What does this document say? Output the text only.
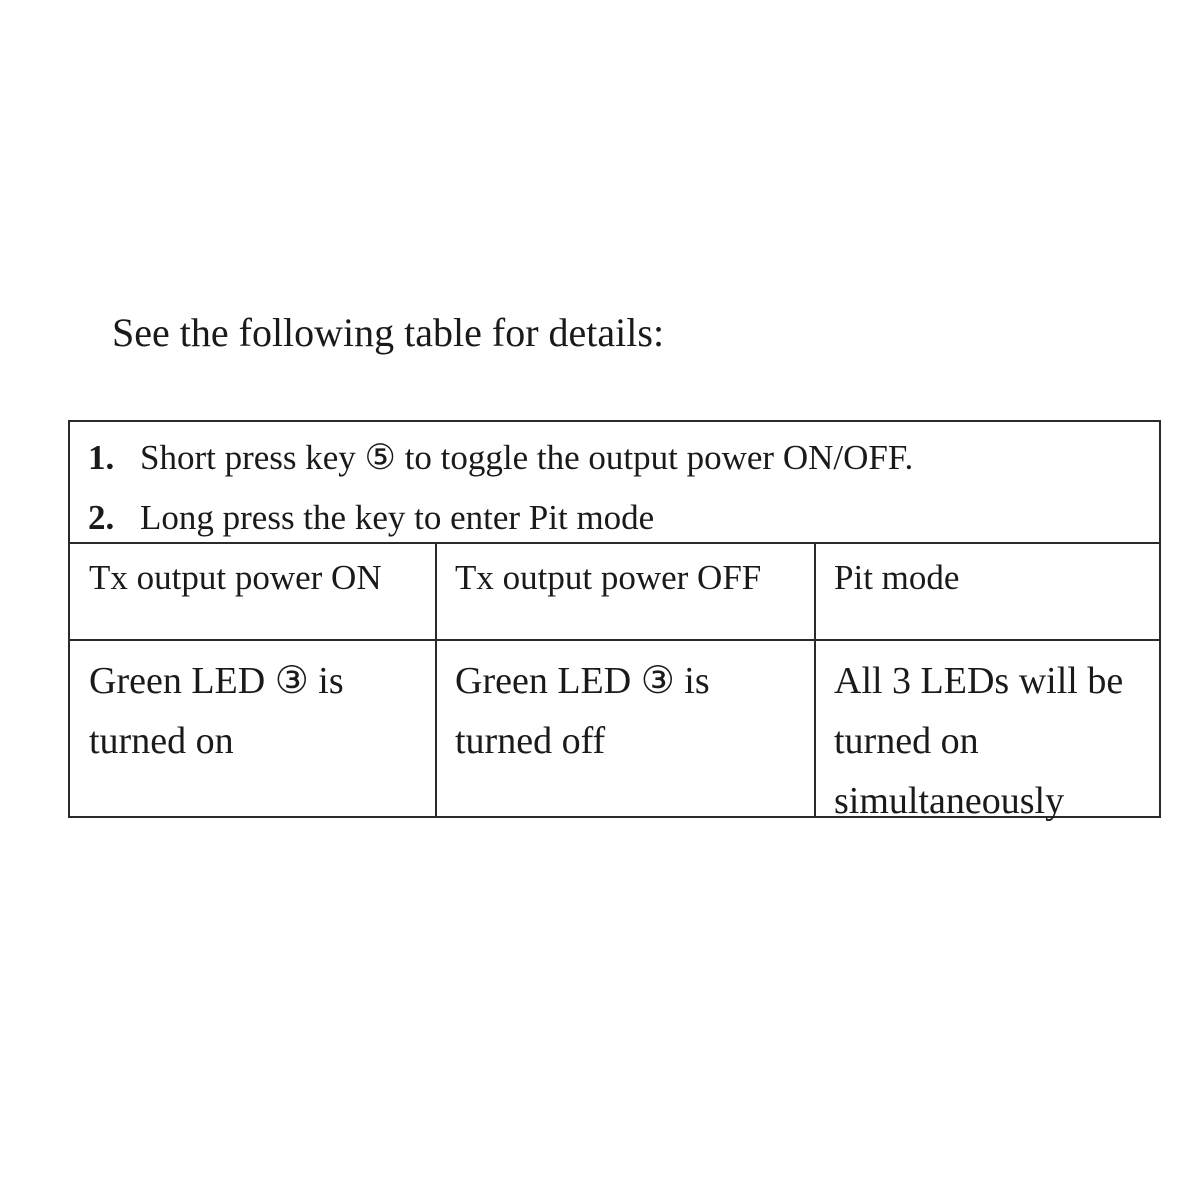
See the following table for details:
1. Short press key ⑤ to toggle the output power ON/OFF.
2. Long press the key to enter Pit mode
Tx output power ON Tx output power OFF Pit mode
Green LED ③ is
turned on
Green LED ③ is
turned off
All 3 LEDs will be
turned on
simultaneously
